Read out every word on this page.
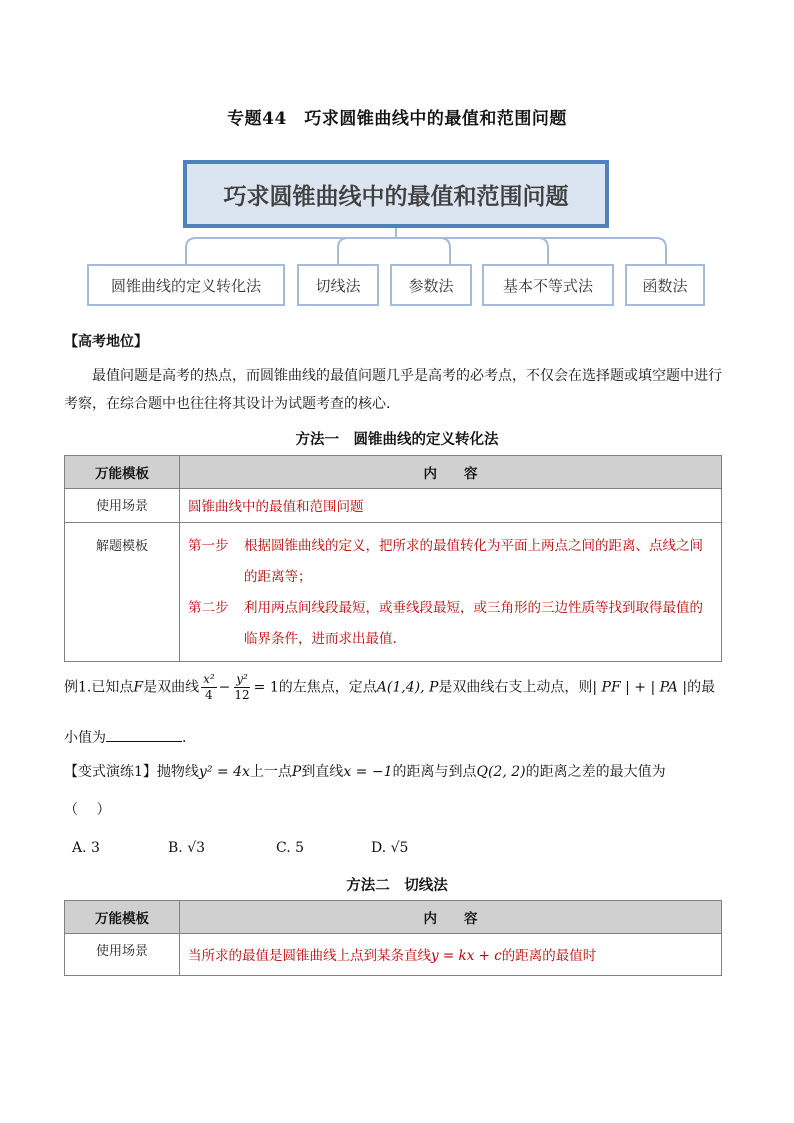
专题44　巧求圆锥曲线中的最值和范围问题
巧求圆锥曲线中的最值和范围问题
圆锥曲线的定义转化法	切线法	参数法	基本不等式法	函数法
【高考地位】
最值问题是高考的热点，而圆锥曲线的最值问题几乎是高考的必考点，不仅会在选择题或填空题中进行考察，在综合题中也往往将其设计为试题考查的核心.
方法一　圆锥曲线的定义转化法
万能模板	内　　容
使用场景	圆锥曲线中的最值和范围问题
解题模板	第一步 根据圆锥曲线的定义，把所求的最值转化为平面上两点之间的距离、点线之间的距离等；
第二步 利用两点间线段最短，或垂线段最短，或三角形的三边性质等找到取得最值的临界条件，进而求出最值.
例1.已知点F是双曲线 $\frac{\text{x²}}{4} - \frac{\text{y²}}{12} = 1$的左焦点，定点A(1,4), P是双曲线右支上动点，则| PF | + | PA |的最
小值为	.
【变式演练1】抛物线y² = 4x上一点P到直线x = −1的距离与到点Q(2, 2)的距离之差的最大值为
（　 ）
A. 3	B. √3	C. 5	D. √5
方法二　切线法
万能模板	内　　容
使用场景	当所求的最值是圆锥曲线上点到某条直线y = kx + c的距离的最值时
